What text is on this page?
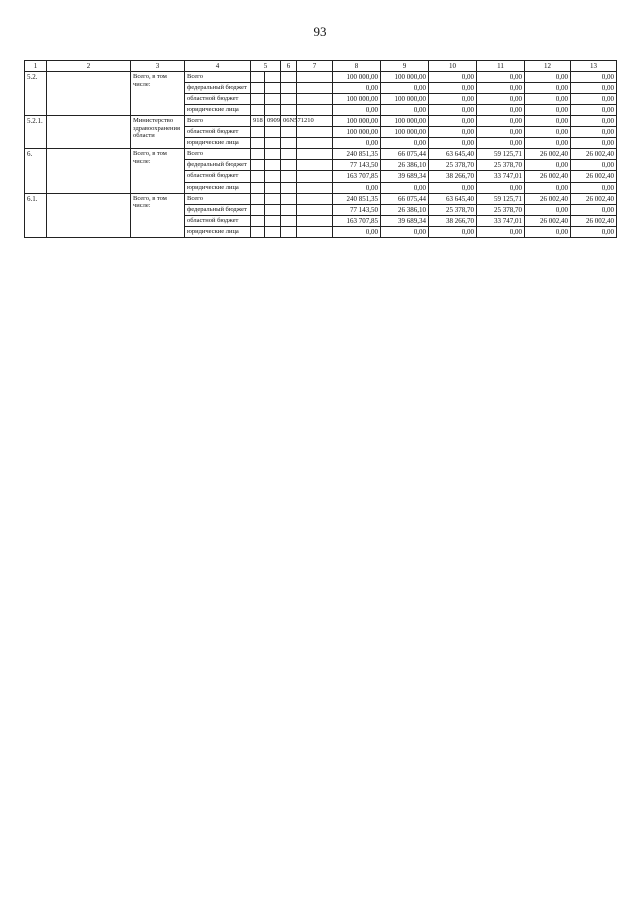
93
1	2	3	4	5		6	7	8	9	10	11	12	13
5.2.		Всего, в том числе:	Всего					100 000,00	100 000,00	0,00	0,00	0,00	0,00
			федеральный бюджет					0,00	0,00	0,00	0,00	0,00	0,00
			областной бюджет					100 000,00	100 000,00	0,00	0,00	0,00	0,00
			юридические лица					0,00	0,00	0,00	0,00	0,00	0,00
5.2.1.		Министерство здравоохранения области	Всего	918	0909	06N571210		100 000,00	100 000,00	0,00	0,00	0,00	0,00
			областной бюджет					100 000,00	100 000,00	0,00	0,00	0,00	0,00
			юридические лица					0,00	0,00	0,00	0,00	0,00	0,00
6.		Всего, в том числе:	Всего					240 851,35	66 075,44	63 645,40	59 125,71	26 002,40	26 002,40
			федеральный бюджет					77 143,50	26 386,10	25 378,70	25 378,70	0,00	0,00
			областной бюджет					163 707,85	39 689,34	38 266,70	33 747,01	26 002,40	26 002,40
			юридические лица					0,00	0,00	0,00	0,00	0,00	0,00
6.1.		Всего, в том числе:	Всего					240 851,35	66 075,44	63 645,40	59 125,71	26 002,40	26 002,40
			федеральный бюджет					77 143,50	26 386,10	25 378,70	25 378,70	0,00	0,00
			областной бюджет					163 707,85	39 689,34	38 266,70	33 747,01	26 002,40	26 002,40
			юридические лица					0,00	0,00	0,00	0,00	0,00	0,00
